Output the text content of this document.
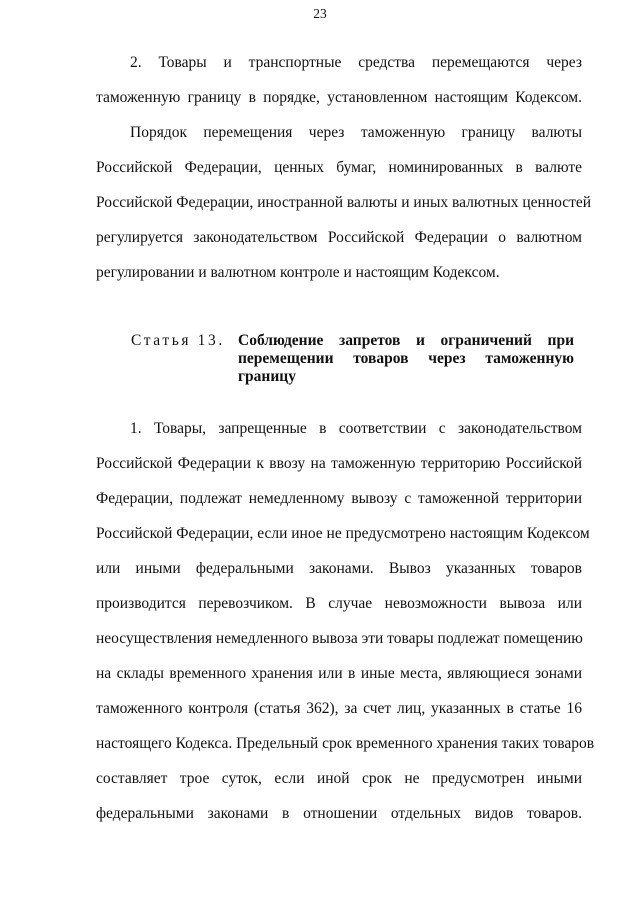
23
2. Товары и транспортные средства перемещаются через
таможенную границу в порядке, установленном настоящим Кодексом.
Порядок перемещения через таможенную границу валюты
Российской Федерации, ценных бумаг, номинированных в валюте
Российской Федерации, иностранной валюты и иных валютных ценностей
регулируется законодательством Российской Федерации о валютном
регулировании и валютном контроле и настоящим Кодексом.
Статья 13. Соблюдение запретов и ограничений при
перемещении товаров через таможенную
границу
1. Товары, запрещенные в соответствии с законодательством
Российской Федерации к ввозу на таможенную территорию Российской
Федерации, подлежат немедленному вывозу с таможенной территории
Российской Федерации, если иное не предусмотрено настоящим Кодексом
или иными федеральными законами. Вывоз указанных товаров
производится перевозчиком. В случае невозможности вывоза или
неосуществления немедленного вывоза эти товары подлежат помещению
на склады временного хранения или в иные места, являющиеся зонами
таможенного контроля (статья 362), за счет лиц, указанных в статье 16
настоящего Кодекса. Предельный срок временного хранения таких товаров
составляет трое суток, если иной срок не предусмотрен иными
федеральными законами в отношении отдельных видов товаров.
